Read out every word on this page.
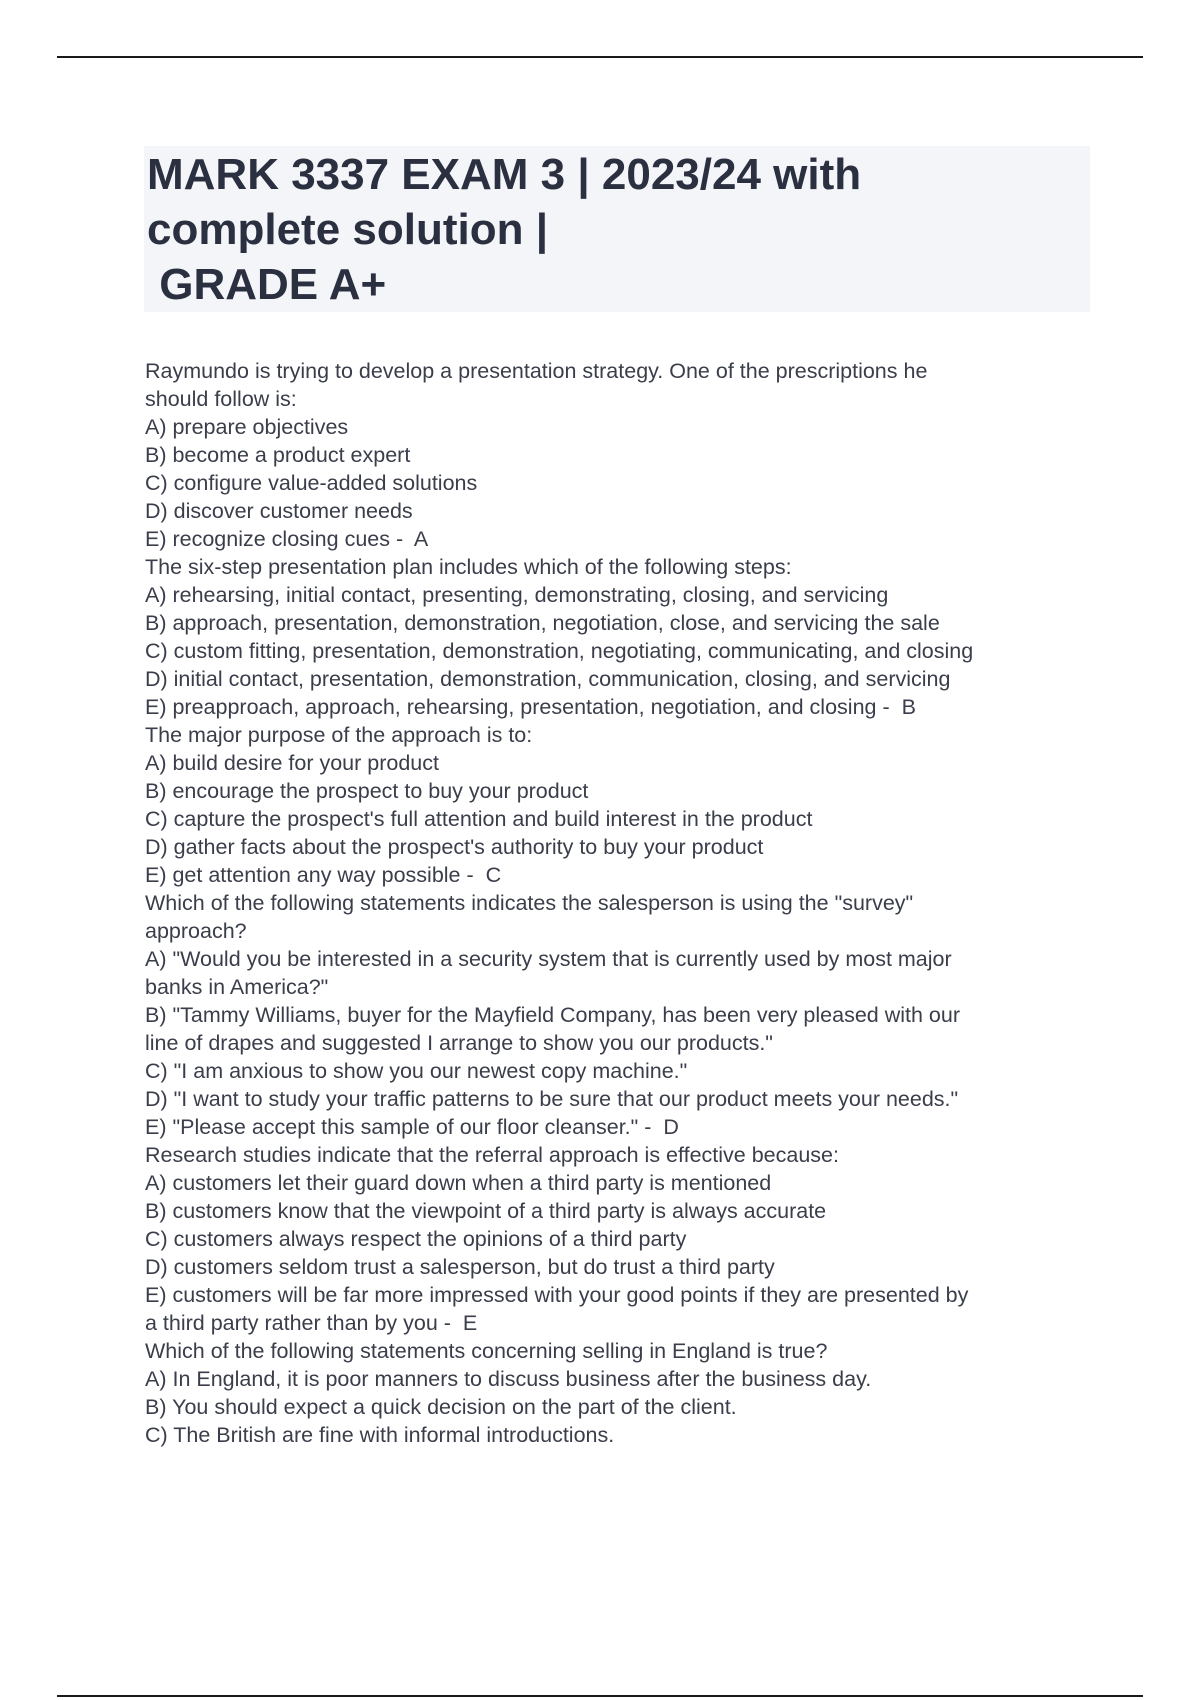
MARK 3337 EXAM 3 | 2023/24 with
complete solution |
GRADE A+
Raymundo is trying to develop a presentation strategy. One of the prescriptions he
should follow is:
A) prepare objectives
B) become a product expert
C) configure value-added solutions
D) discover customer needs
E) recognize closing cues -  A
The six-step presentation plan includes which of the following steps:
A) rehearsing, initial contact, presenting, demonstrating, closing, and servicing
B) approach, presentation, demonstration, negotiation, close, and servicing the sale
C) custom fitting, presentation, demonstration, negotiating, communicating, and closing
D) initial contact, presentation, demonstration, communication, closing, and servicing
E) preapproach, approach, rehearsing, presentation, negotiation, and closing -  B
The major purpose of the approach is to:
A) build desire for your product
B) encourage the prospect to buy your product
C) capture the prospect's full attention and build interest in the product
D) gather facts about the prospect's authority to buy your product
E) get attention any way possible -  C
Which of the following statements indicates the salesperson is using the "survey"
approach?
A) "Would you be interested in a security system that is currently used by most major
banks in America?"
B) "Tammy Williams, buyer for the Mayfield Company, has been very pleased with our
line of drapes and suggested I arrange to show you our products."
C) "I am anxious to show you our newest copy machine."
D) "I want to study your traffic patterns to be sure that our product meets your needs."
E) "Please accept this sample of our floor cleanser." -  D
Research studies indicate that the referral approach is effective because:
A) customers let their guard down when a third party is mentioned
B) customers know that the viewpoint of a third party is always accurate
C) customers always respect the opinions of a third party
D) customers seldom trust a salesperson, but do trust a third party
E) customers will be far more impressed with your good points if they are presented by
a third party rather than by you -  E
Which of the following statements concerning selling in England is true?
A) In England, it is poor manners to discuss business after the business day.
B) You should expect a quick decision on the part of the client.
C) The British are fine with informal introductions.
